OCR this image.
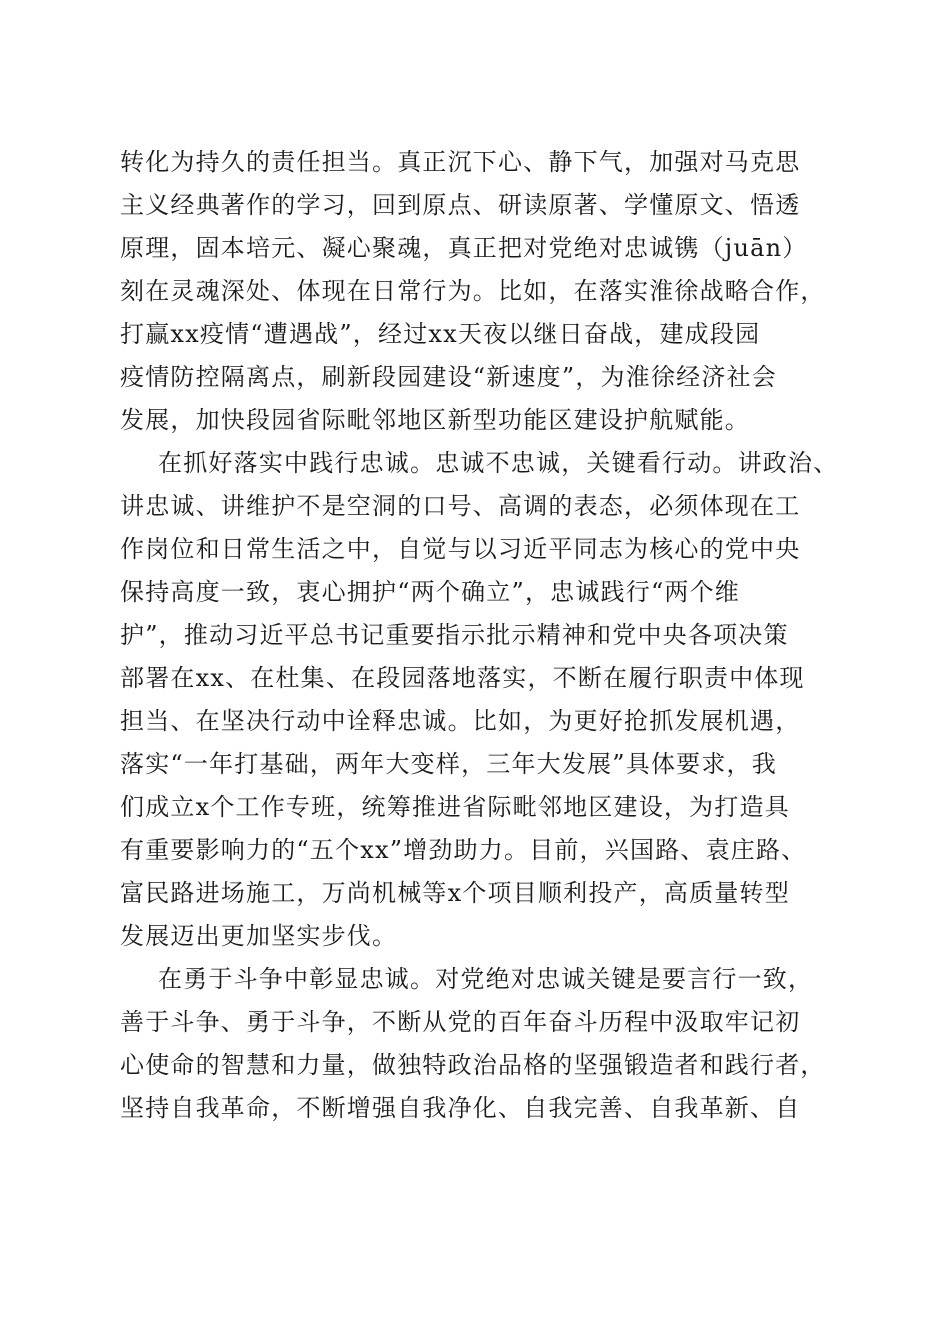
转化为持久的责任担当。真正沉下心、静下气，加强对马克思
主义经典著作的学习，回到原点、研读原著、学懂原文、悟透
原理，固本培元、凝心聚魂，真正把对党绝对忠诚镌（juān）
刻在灵魂深处、体现在日常行为。比如，在落实淮徐战略合作，
打赢xx疫情“遭遇战”，经过xx天夜以继日奋战，建成段园
疫情防控隔离点，刷新段园建设“新速度”，为淮徐经济社会
发展，加快段园省际毗邻地区新型功能区建设护航赋能。
在抓好落实中践行忠诚。忠诚不忠诚，关键看行动。讲政治、
讲忠诚、讲维护不是空洞的口号、高调的表态，必须体现在工
作岗位和日常生活之中，自觉与以习近平同志为核心的党中央
保持高度一致，衷心拥护“两个确立”，忠诚践行“两个维
护”，推动习近平总书记重要指示批示精神和党中央各项决策
部署在xx、在杜集、在段园落地落实，不断在履行职责中体现
担当、在坚决行动中诠释忠诚。比如，为更好抢抓发展机遇，
落实“一年打基础，两年大变样，三年大发展”具体要求，我
们成立x个工作专班，统筹推进省际毗邻地区建设，为打造具
有重要影响力的“五个xx”增劲助力。目前，兴国路、袁庄路、
富民路进场施工，万尚机械等x个项目顺利投产，高质量转型
发展迈出更加坚实步伐。
在勇于斗争中彰显忠诚。对党绝对忠诚关键是要言行一致，
善于斗争、勇于斗争，不断从党的百年奋斗历程中汲取牢记初
心使命的智慧和力量，做独特政治品格的坚强锻造者和践行者，
坚持自我革命，不断增强自我净化、自我完善、自我革新、自
